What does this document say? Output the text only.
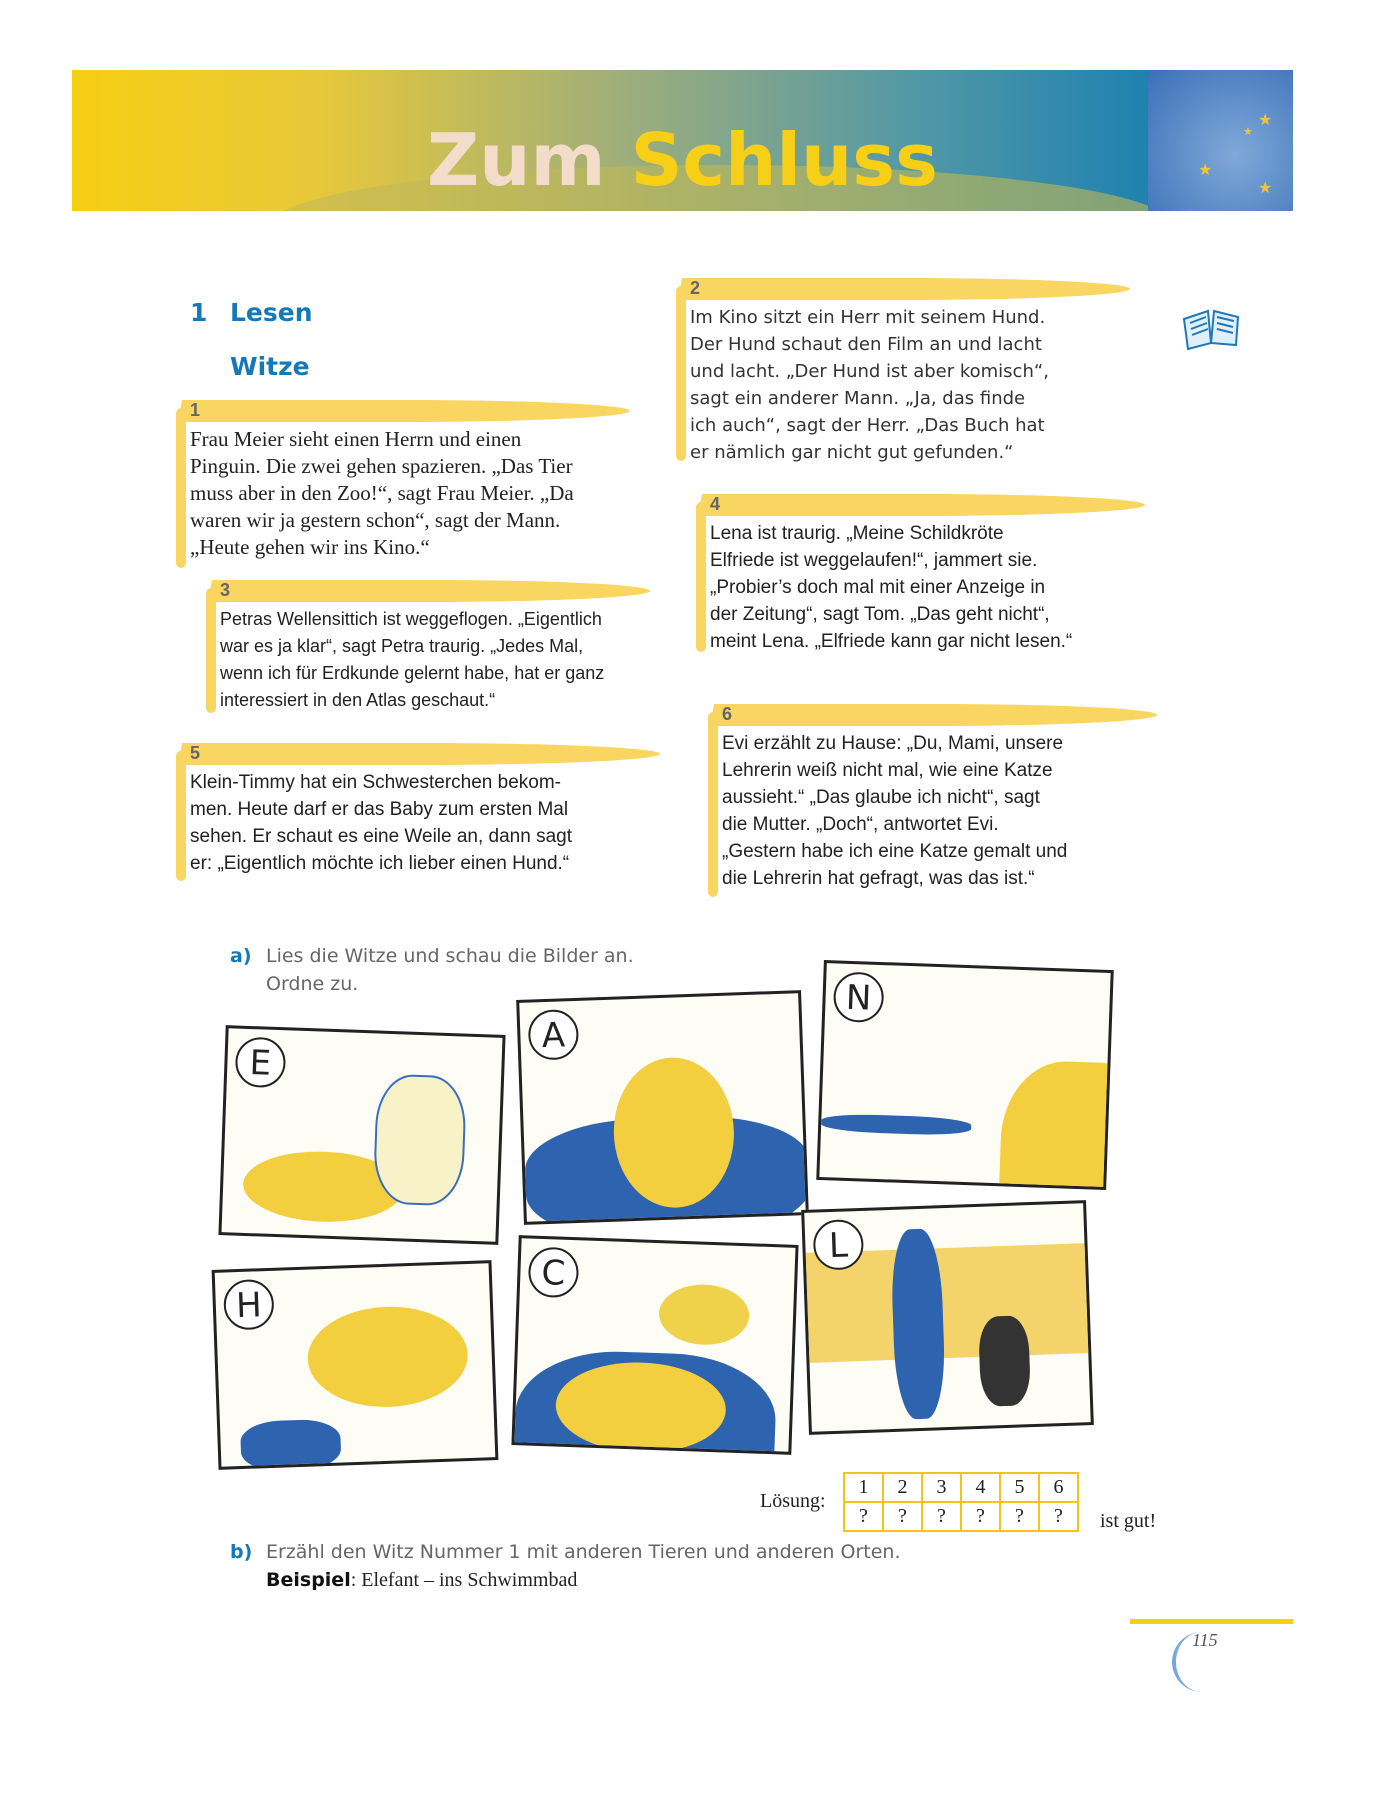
★
★
★
★
Zum Schluss
1 Lesen
Witze
1
Frau Meier sieht einen Herrn und einen
Pinguin. Die zwei gehen spazieren. „Das Tier
muss aber in den Zoo!“, sagt Frau Meier. „Da
waren wir ja gestern schon“, sagt der Mann.
„Heute gehen wir ins Kino.“
2
Im Kino sitzt ein Herr mit seinem Hund.
Der Hund schaut den Film an und lacht
und lacht. „Der Hund ist aber komisch“,
sagt ein anderer Mann. „Ja, das finde
ich auch“, sagt der Herr. „Das Buch hat
er nämlich gar nicht gut gefunden.“
3
Petras Wellensittich ist weggeflogen. „Eigentlich
war es ja klar“, sagt Petra traurig. „Jedes Mal,
wenn ich für Erdkunde gelernt habe, hat er ganz
interessiert in den Atlas geschaut.“
4
Lena ist traurig. „Meine Schildkröte
Elfriede ist weggelaufen!“, jammert sie.
„Probier’s doch mal mit einer Anzeige in
der Zeitung“, sagt Tom. „Das geht nicht“,
meint Lena. „Elfriede kann gar nicht lesen.“
5
Klein-Timmy hat ein Schwesterchen bekom-
men. Heute darf er das Baby zum ersten Mal
sehen. Er schaut es eine Weile an, dann sagt
er: „Eigentlich möchte ich lieber einen Hund.“
6
Evi erzählt zu Hause: „Du, Mami, unsere
Lehrerin weiß nicht mal, wie eine Katze
aussieht.“ „Das glaube ich nicht“, sagt
die Mutter. „Doch“, antwortet Evi.
„Gestern habe ich eine Katze gemalt und
die Lehrerin hat gefragt, was das ist.“
a) Lies die Witze und schau die Bilder an.
Ordne zu.
E
A
N
H
C
L
Lösung:
1	2	3	4	5	6
?	?	?	?	?	? ist gut!
b) Erzähl den Witz Nummer 1 mit anderen Tieren und anderen Orten.
Beispiel: Elefant – ins Schwimmbad
115
